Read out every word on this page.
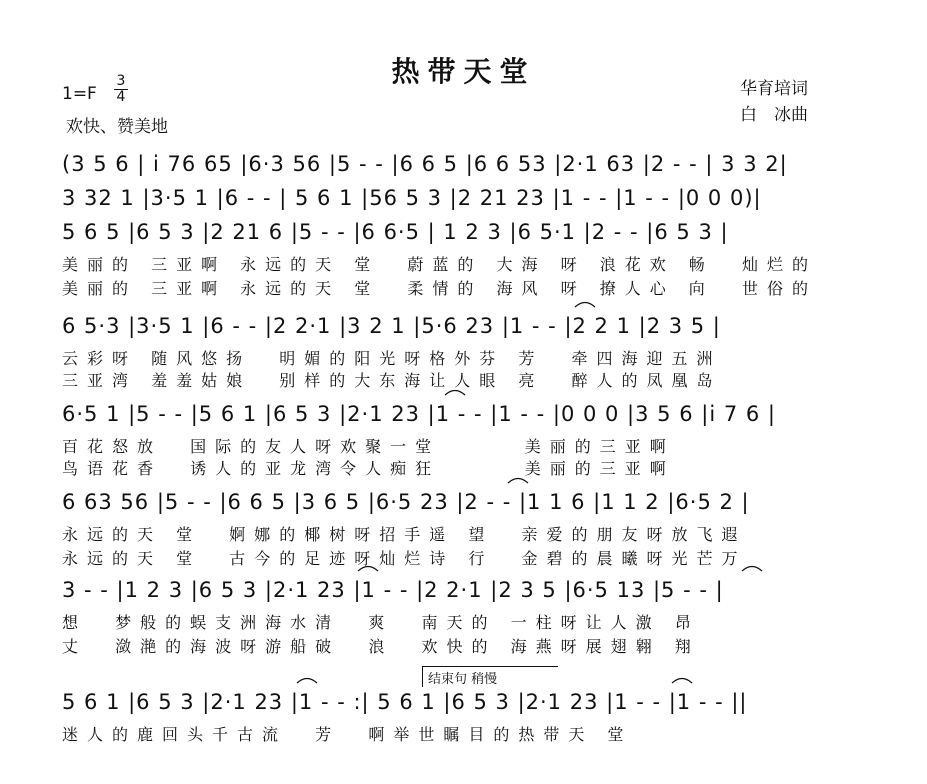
热带天堂
$1=F \frac{3}{4}$
欢快、赞美地
华育培词
白　冰曲
(3 5 6 | i 76 65 |6·3 56 |5 - - |6 6 5 |6 6 53 |2·1 63 |2 - - | 3 3 2|
3 32 1 |3·5 1 |6 - - | 5 6 1 |56 5 3 |2 21 23 |1 - - |1 - - |0 0 0)|
5 6 5 |6 5 3 |2 21 6 |5 - - |6 6·5 | 1 2 3 |6 5·1 |2 - - |6 5 3 |
美丽的 三亚啊 永远的天 堂  蔚蓝的 大海 呀 浪花欢 畅  灿烂的
美丽的 三亚啊 永远的天 堂  柔情的 海风 呀 撩人心 向  世俗的
6 5·3 |3·5 1 |6 - - |2 2·1 |3 2 1 |5·6 23 |1 - - |2 2 1 |2 3 5 |
云彩呀 随风悠扬  明媚的阳光呀格外芬 芳  牵四海迎五洲
三亚湾 羞羞姑娘  别样的大东海让人眼 亮  醉人的凤凰岛
6·5 1 |5 - - |5 6 1 |6 5 3 |2·1 23 |1 - - |1 - - |0 0 0 |3 5 6 |i 7 6 |
百花怒放  国际的友人呀欢聚一堂      美丽的三亚啊
鸟语花香  诱人的亚龙湾令人痴狂      美丽的三亚啊
6 63 56 |5 - - |6 6 5 |3 6 5 |6·5 23 |2 - - |1 1 6 |1 1 2 |6·5 2 |
永远的天 堂  婀娜的椰树呀招手遥 望  亲爱的朋友呀放飞遐
永远的天 堂  古今的足迹呀灿烂诗 行  金碧的晨曦呀光芒万
3 - - |1 2 3 |6 5 3 |2·1 23 |1 - - |2 2·1 |2 3 5 |6·5 13 |5 - - |
想  梦般的蜈支洲海水清  爽  南天的 一柱呀让人激 昂
丈  潋滟的海波呀游船破  浪  欢快的 海燕呀展翅翱 翔
结束句 稍慢
5 6 1 |6 5 3 |2·1 23 |1 - - :| 5 6 1 |6 5 3 |2·1 23 |1 - - |1 - - ||
迷人的鹿回头千古流  芳  啊举世瞩目的热带天 堂
